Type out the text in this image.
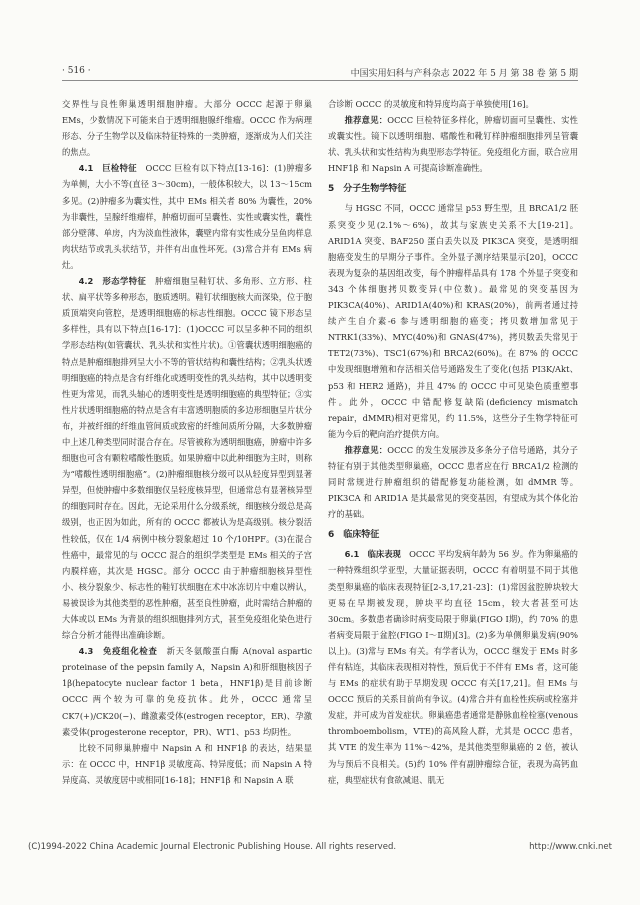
· 516 ·	中国实用妇科与产科杂志 2022 年 5 月 第 38 卷 第 5 期

交界性与良性卵巢透明细胞肿瘤。大部分 OCCC 起源于卵巢 EMs，少数情况下可能来自于透明细胞腺纤维瘤。OCCC 作为病理形态、分子生物学以及临床特征特殊的一类肿瘤，逐渐成为人们关注的焦点。

4.1　巨检特征　 OCCC 巨检有以下特点[13-16]：(1)肿瘤多为单侧，大小不等(直径 3～30cm)，一般体积较大，以 13～15cm 多见。(2)肿瘤多为囊实性，其中 EMs 相关者 80% 为囊性，20% 为非囊性，呈腺纤维瘤样，肿瘤切面可呈囊性、实性或囊实性，囊性部分壁薄、单房，内为淡血性液体，囊壁内常有实性成分呈鱼肉样息肉状结节或乳头状结节，并伴有出血性坏死。(3)常合并有 EMs 病灶。

4.2　形态学特征　 肿瘤细胞呈鞋钉状、多角形、立方形、柱状、扁平状等多种形态，胞质透明。鞋钉状细胞核大而深染，位于胞质顶端突向管腔，是透明细胞癌的标志性细胞。OCCC 镜下形态呈多样性，具有以下特点[16-17]：(1)OCCC 可以呈多种不同的组织学形态结构(如管囊状、乳头状和实性片状)。①管囊状透明细胞癌的特点是肿瘤细胞排列呈大小不等的管状结构和囊性结构；②乳头状透明细胞癌的特点是含有纤维化或透明变性的乳头结构，其中以透明变性更为常见，而乳头轴心的透明变性是透明细胞癌的典型特征；③实性片状透明细胞癌的特点是含有丰富透明胞质的多边形细胞呈片状分布，并被纤细的纤维血管间质或致密的纤维间质所分隔，大多数肿瘤中上述几种类型同时混合存在。尽管被称为透明细胞癌，肿瘤中许多细胞也可含有颗粒嗜酸性胞质。如果肿瘤中以此种细胞为主时，则称为“嗜酸性透明细胞癌”。(2)肿瘤细胞核分级可以从轻度异型到显著异型，但使肿瘤中多数细胞仅呈轻度核异型，但通常总有显著核异型的细胞同时存在。因此，无论采用什么分级系统，细胞核分级总是高级别，也正因为如此，所有的 OCCC 都被认为是高级别。核分裂活性较低，仅在 1/4 病例中核分裂象超过 10 个/10HPF。(3)在混合性癌中，最常见的与 OCCC 混合的组织学类型是 EMs 相关的子宫内膜样癌，其次是 HGSC。部分 OCCC 由于肿瘤细胞核异型性小、核分裂象少、标志性的鞋钉状细胞在术中冰冻切片中难以辨认，易被误诊为其他类型的恶性肿瘤，甚至良性肿瘤，此时需结合肿瘤的大体或以 EMs 为背景的组织细胞排列方式，甚至免疫组化染色进行综合分析才能得出准确诊断。

4.3　免疫组化检查　 新天冬氨酸蛋白酶 A(noval aspartic proteinase of the pepsin family A，Napsin A)和肝细胞核因子 1β(hepatocyte nuclear factor 1 beta，HNF1β)是目前诊断 OCCC 两个较为可靠的免疫抗体。此外，OCCC 通常呈 CK7(+)/CK20(−)、雌激素受体(estrogen receptor，ER)、孕激素受体(progesterone receptor，PR)、WT1、p53 均阴性。

比较不同卵巢肿瘤中 Napsin A 和 HNF1β 的表达，结果显示：在 OCCC 中，HNF1β 灵敏度高、特异度低；而 Napsin A 特异度高、灵敏度居中或相同[16-18]；HNF1β 和 Napsin A 联

合诊断 OCCC 的灵敏度和特异度均高于单独使用[16]。

推荐意见：OCCC 巨检特征多样化，肿瘤切面可呈囊性、实性或囊实性。镜下以透明细胞、嗜酸性和靴钉样肿瘤细胞排列呈管囊状、乳头状和实性结构为典型形态学特征。免疫组化方面，联合应用 HNF1β 和 Napsin A 可提高诊断准确性。

5　分子生物学特征

与 HGSC 不同，OCCC 通常呈 p53 野生型，且 BRCA1/2 胚系突变少见(2.1%～6%)，故其与家族史关系不大[19-21]。ARID1A 突变、BAF250 蛋白丢失以及 PIK3CA 突变，是透明细胞癌变发生的早期分子事件。全外显子测序结果显示[20]，OCCC 表现为复杂的基因组改变，每个肿瘤样品具有 178 个外显子突变和 343 个体细胞拷贝数变异(中位数)。最常见的突变基因为 PIK3CA(40%)、ARID1A(40%)和 KRAS(20%)，前两者通过持续产生自介素-6 参与透明细胞的癌变；拷贝数增加常见于 NTRK1(33%)、MYC(40%)和 GNAS(47%)，拷贝数丢失常见于 TET2(73%)、TSC1(67%)和 BRCA2(60%)。在 87% 的 OCCC 中发现细胞增殖和存活相关信号通路发生了变化(包括 PI3K/Akt、p53 和 HER2 通路)，并且 47% 的 OCCC 中可见染色质重塑事件。此外，OCCC 中错配修复缺陷(deficiency mismatch repair，dMMR)相对更常见，约 11.5%，这些分子生物学特征可能为今后的靶向治疗提供方向。

推荐意见：OCCC 的发生发展涉及多条分子信号通路，其分子特征有别于其他类型卵巢癌，OCCC 患者应在行 BRCA1/2 检测的同时常规进行肿瘤组织的错配修复功能检测，如 dMMR 等。PIK3CA 和 ARID1A 是其最常见的突变基因，有望成为其个体化治疗的基础。

6　临床特征

6.1　临床表现　 OCCC 平均发病年龄为 56 岁。作为卵巢癌的一种特殊组织学亚型，大量证据表明，OCCC 有着明显不同于其他类型卵巢癌的临床表现特征[2-3,17,21-23]：(1)常因盆腔肿块较大更易在早期被发现，肿块平均直径 15cm，较大者甚至可达 30cm。多数患者确诊时病变局限于卵巢(FIGO Ⅰ期)，约 70% 的患者病变局限于盆腔(FIGO Ⅰ～Ⅱ期)[3]。(2)多为单侧卵巢发病(90% 以上)。(3)常与 EMs 有关。有学者认为，OCCC 继发于 EMs 时多伴有粘连，其临床表现相对特性，预后优于不伴有 EMs 者，这可能与 EMs 的症状有助于早期发现 OCCC 有关[17,21]。但 EMs 与 OCCC 预后的关系目前尚有争议。(4)常合并有血栓性疾病或栓塞并发症，并可成为首发症状。卵巢癌患者通常是静脉血栓栓塞(venous thromboembolism，VTE)的高风险人群，尤其是 OCCC 患者，其 VTE 的发生率为 11%～42%，是其他类型卵巢癌的 2 倍，被认为与预后不良相关。(5)约 10% 伴有副肿瘤综合征，表现为高钙血症，典型症状有食欲减退、肌无

(C)1994-2022 China Academic Journal Electronic Publishing House. All rights reserved.	http://www.cnki.net
